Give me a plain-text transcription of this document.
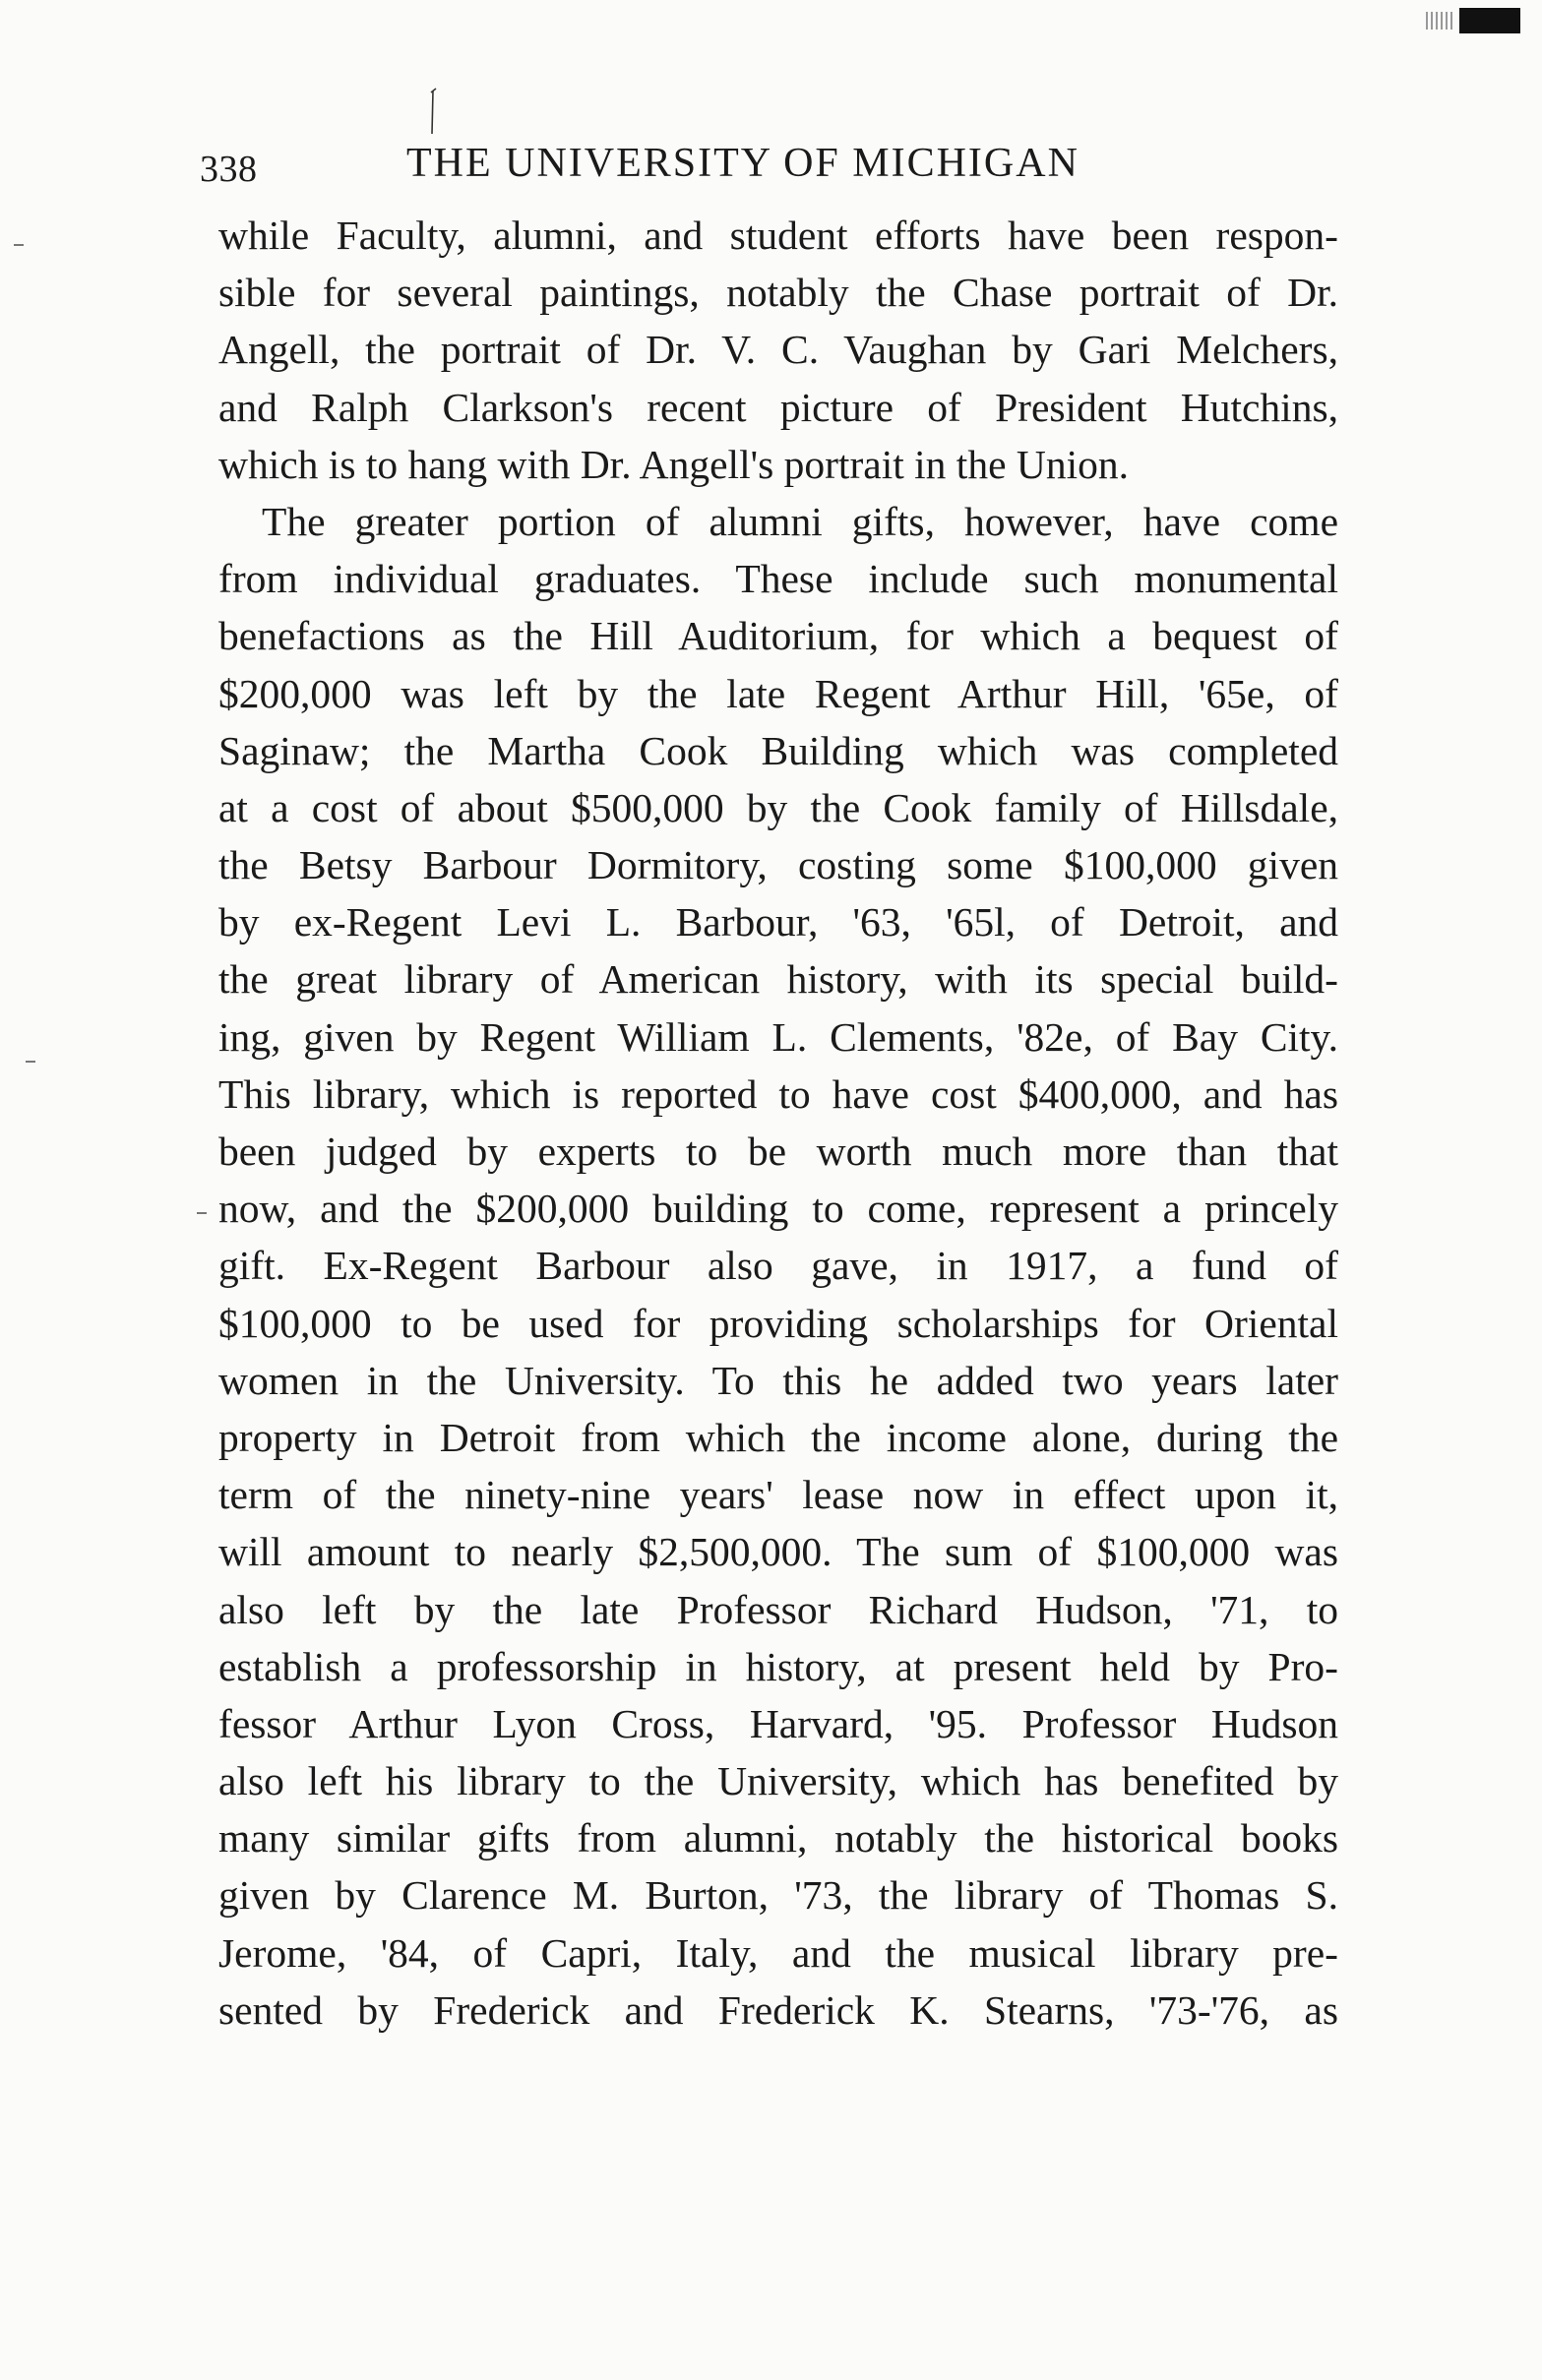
338	THE UNIVERSITY OF MICHIGAN
while Faculty, alumni, and student efforts have been respon-
sible for several paintings, notably the Chase portrait of Dr.
Angell, the portrait of Dr. V. C. Vaughan by Gari Melchers,
and Ralph Clarkson's recent picture of President Hutchins,
which is to hang with Dr. Angell's portrait in the Union.
The greater portion of alumni gifts, however, have come
from individual graduates. These include such monumental
benefactions as the Hill Auditorium, for which a bequest of
$200,000 was left by the late Regent Arthur Hill, '65e, of
Saginaw; the Martha Cook Building which was completed
at a cost of about $500,000 by the Cook family of Hillsdale,
the Betsy Barbour Dormitory, costing some $100,000 given
by ex-Regent Levi L. Barbour, '63, '65l, of Detroit, and
the great library of American history, with its special build-
ing, given by Regent William L. Clements, '82e, of Bay City.
This library, which is reported to have cost $400,000, and has
been judged by experts to be worth much more than that
now, and the $200,000 building to come, represent a princely
gift. Ex-Regent Barbour also gave, in 1917, a fund of
$100,000 to be used for providing scholarships for Oriental
women in the University. To this he added two years later
property in Detroit from which the income alone, during the
term of the ninety-nine years' lease now in effect upon it,
will amount to nearly $2,500,000. The sum of $100,000 was
also left by the late Professor Richard Hudson, '71, to
establish a professorship in history, at present held by Pro-
fessor Arthur Lyon Cross, Harvard, '95. Professor Hudson
also left his library to the University, which has benefited by
many similar gifts from alumni, notably the historical books
given by Clarence M. Burton, '73, the library of Thomas S.
Jerome, '84, of Capri, Italy, and the musical library pre-
sented by Frederick and Frederick K. Stearns, '73-'76, as
